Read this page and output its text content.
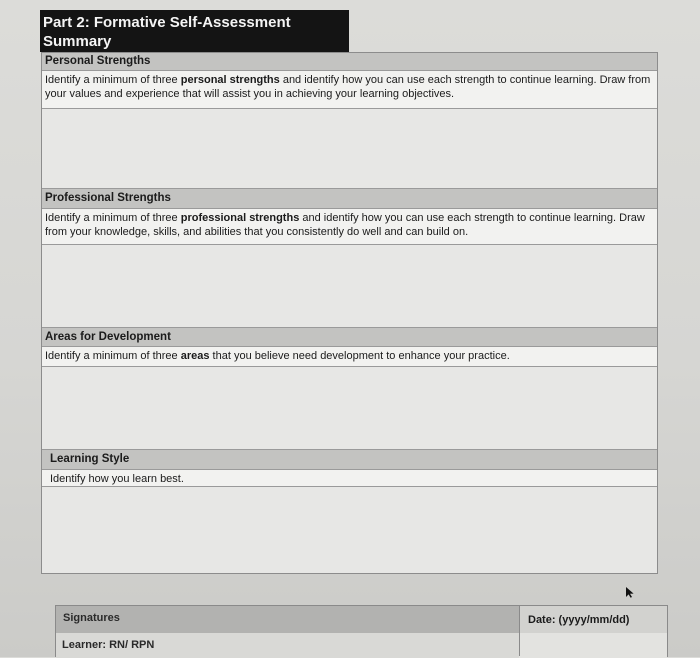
Part 2: Formative Self-Assessment
Summary
Personal Strengths
Identify a minimum of three personal strengths and identify how you can use each strength to continue learning. Draw from your values and experience that will assist you in achieving your learning objectives.
Professional Strengths
Identify a minimum of three professional strengths and identify how you can use each strength to continue learning. Draw from your knowledge, skills, and abilities that you consistently do well and can build on.
Areas for Development
Identify a minimum of three areas that you believe need development to enhance your practice.
Learning Style
Identify how you learn best.
Signatures	Date: (yyyy/mm/dd)
Learner: RN/ RPN
